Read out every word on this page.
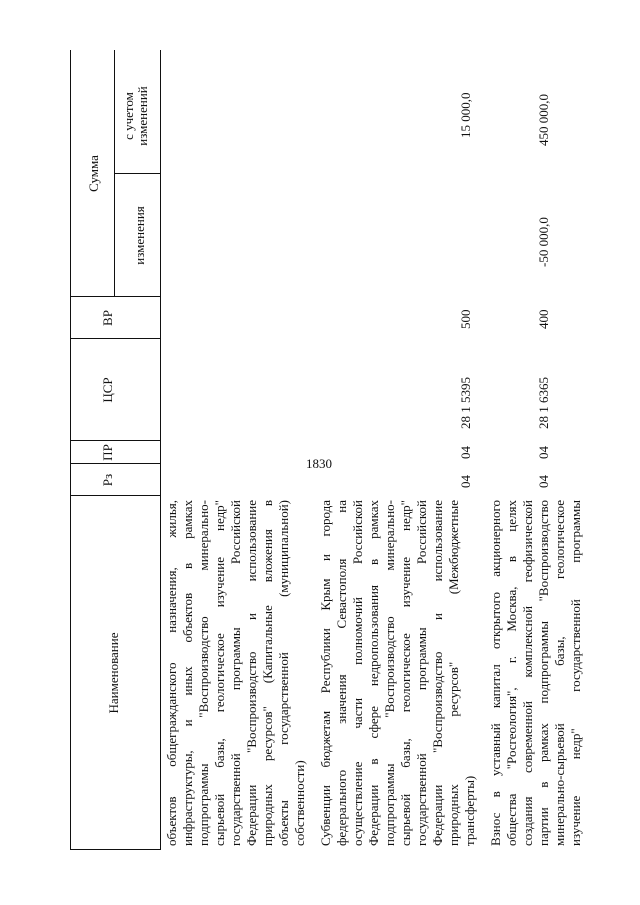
1830
Наименование
Рз
ПР
ЦСР
ВР
Сумма
изменения
с учетом изменений
объектов общегражданского назначения, жилья, инфраструктуры, и иных объектов в рамках подпрограммы "Воспроизводство минерально- сырьевой базы, геологическое изучение недр" государственной программы Российской Федерации "Воспроизводство и использование природных ресурсов" (Капитальные вложения в объекты государственной (муниципальной) собственности) Субвенции бюджетам Республики Крым и города федерального значения Севастополя на осуществление части полномочий Российской Федерации в сфере недропользования в рамках подпрограммы "Воспроизводство минерально- сырьевой базы, геологическое изучение недр" государственной программы Российской Федерации "Воспроизводство и использование природных ресурсов" (Межбюджетные трансферты)
04
04
28 1 5395
500
15 000,0
Взнос в уставный капитал открытого акционерного общества "Росгеология", г. Москва, в целях создания современной комплексной геофизической партии в рамках подпрограммы "Воспроизводство минерально-сырьевой базы, геологическое изучение недр" государственной программы
04
04
28 1 6365
400
-50 000,0
450 000,0
